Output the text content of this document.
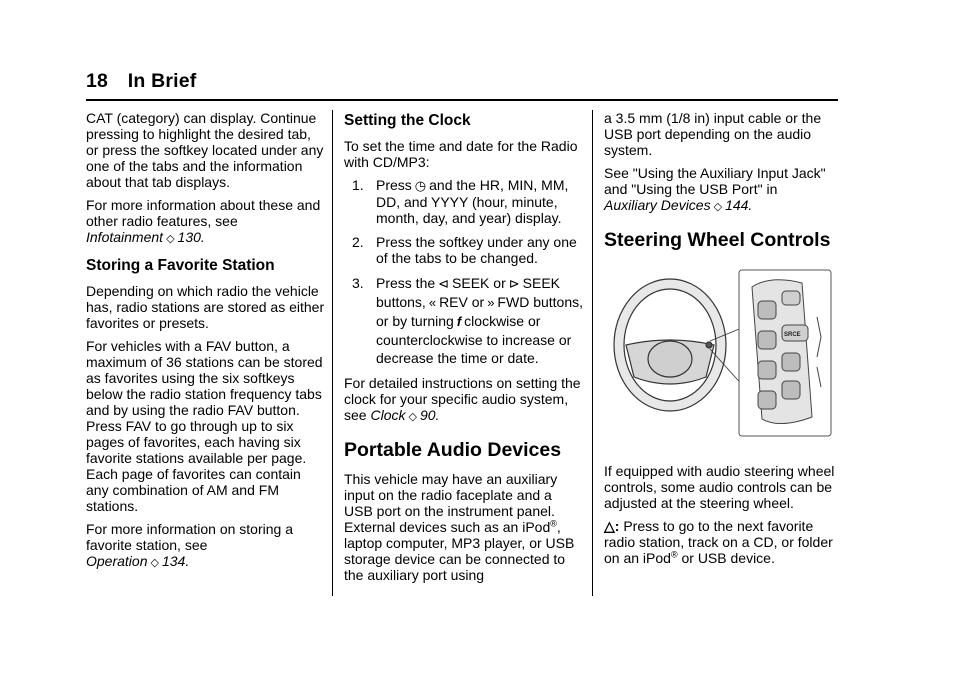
18 In Brief

CAT (category) can display. Continue pressing to highlight the desired tab, or press the softkey located under any one of the tabs and the information about that tab displays.

For more information about these and other radio features, see
Infotainment ◇ 130.

Storing a Favorite Station

Depending on which radio the vehicle has, radio stations are stored as either favorites or presets.

For vehicles with a FAV button, a maximum of 36 stations can be stored as favorites using the six softkeys below the radio station frequency tabs and by using the radio FAV button. Press FAV to go through up to six pages of favorites, each having six favorite stations available per page. Each page of favorites can contain any combination of AM and FM stations.

For more information on storing a favorite station, see
Operation ◇ 134.

Setting the Clock

To set the time and date for the Radio with CD/MP3:

1. Press ◷ and the HR, MIN, MM, DD, and YYYY (hour, minute, month, day, and year) display.
2. Press the softkey under any one of the tabs to be changed.
3. Press the ⊲ SEEK or ⊳ SEEK buttons, « REV or » FWD buttons, or by turning f clockwise or counterclockwise to increase or decrease the time or date.

For detailed instructions on setting the clock for your specific audio system, see Clock ◇ 90.

Portable Audio Devices

This vehicle may have an auxiliary input on the radio faceplate and a USB port on the instrument panel. External devices such as an iPod®, laptop computer, MP3 player, or USB storage device can be connected to the auxiliary port using

a 3.5 mm (1/8 in) input cable or the USB port depending on the audio system.

See "Using the Auxiliary Input Jack" and "Using the USB Port" in
Auxiliary Devices ◇ 144.

Steering Wheel Controls
SRCE

If equipped with audio steering wheel controls, some audio controls can be adjusted at the steering wheel.

△: Press to go to the next favorite radio station, track on a CD, or folder on an iPod® or USB device.
